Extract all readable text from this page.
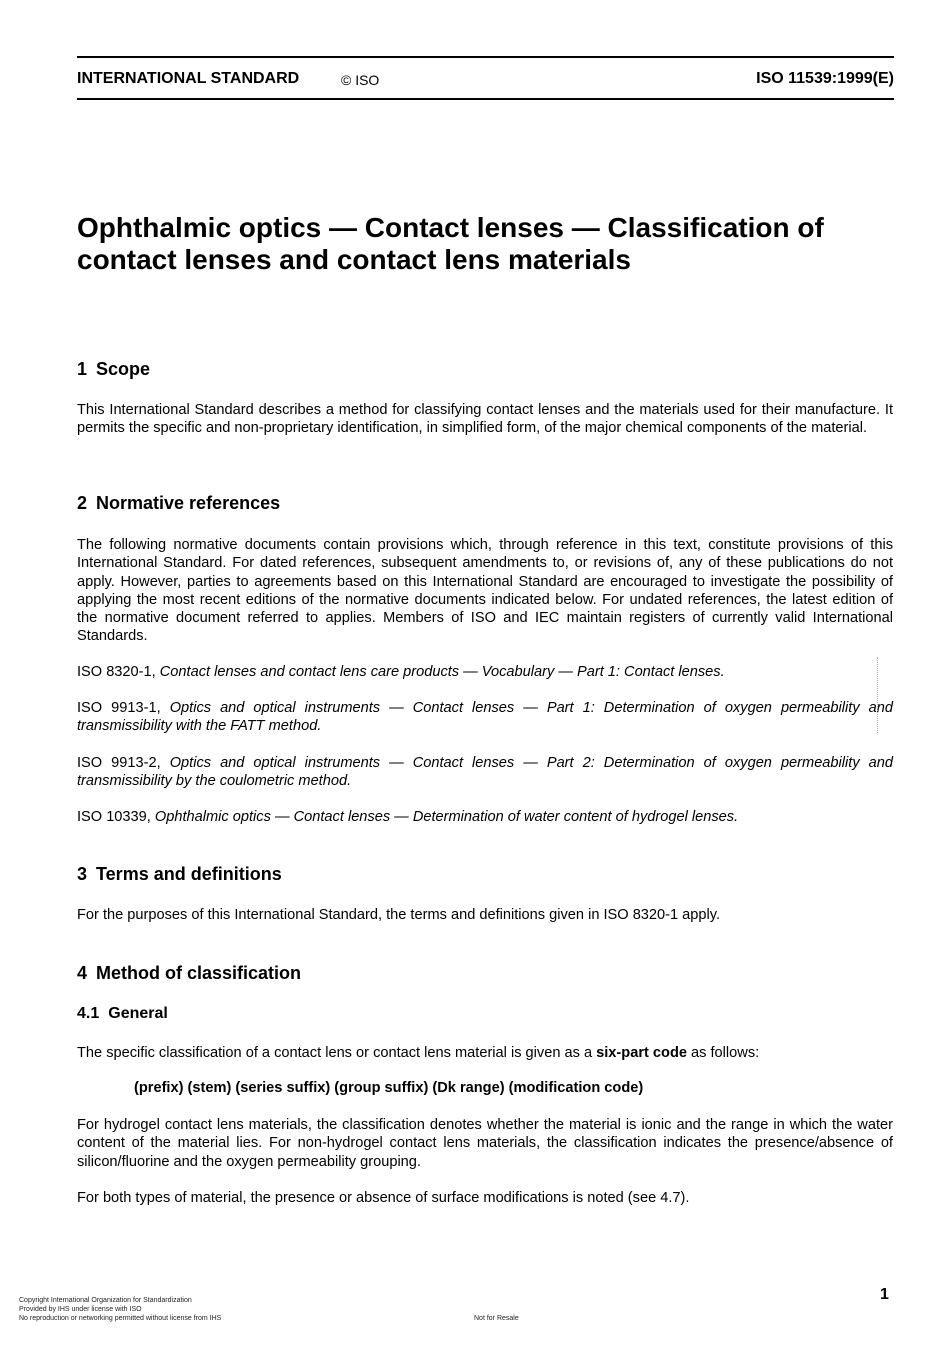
INTERNATIONAL STANDARD	© ISO	ISO 11539:1999(E)
Ophthalmic optics — Contact lenses — Classification of contact lenses and contact lens materials
1 Scope
This International Standard describes a method for classifying contact lenses and the materials used for their manufacture. It permits the specific and non-proprietary identification, in simplified form, of the major chemical components of the material.
2 Normative references
The following normative documents contain provisions which, through reference in this text, constitute provisions of this International Standard. For dated references, subsequent amendments to, or revisions of, any of these publications do not apply. However, parties to agreements based on this International Standard are encouraged to investigate the possibility of applying the most recent editions of the normative documents indicated below. For undated references, the latest edition of the normative document referred to applies. Members of ISO and IEC maintain registers of currently valid International Standards.
ISO 8320-1, Contact lenses and contact lens care products — Vocabulary — Part 1: Contact lenses.
ISO 9913-1, Optics and optical instruments — Contact lenses — Part 1: Determination of oxygen permeability and transmissibility with the FATT method.
ISO 9913-2, Optics and optical instruments — Contact lenses — Part 2: Determination of oxygen permeability and transmissibility by the coulometric method.
ISO 10339, Ophthalmic optics — Contact lenses — Determination of water content of hydrogel lenses.
3 Terms and definitions
For the purposes of this International Standard, the terms and definitions given in ISO 8320-1 apply.
4 Method of classification
4.1 General
The specific classification of a contact lens or contact lens material is given as a six-part code as follows:
(prefix) (stem) (series suffix) (group suffix) (Dk range) (modification code)
For hydrogel contact lens materials, the classification denotes whether the material is ionic and the range in which the water content of the material lies. For non-hydrogel contact lens materials, the classification indicates the presence/absence of silicon/fluorine and the oxygen permeability grouping.
For both types of material, the presence or absence of surface modifications is noted (see 4.7).
1
Copyright International Organization for Standardization
Provided by IHS under license with ISO
No reproduction or networking permitted without license from IHS	Not for Resale
